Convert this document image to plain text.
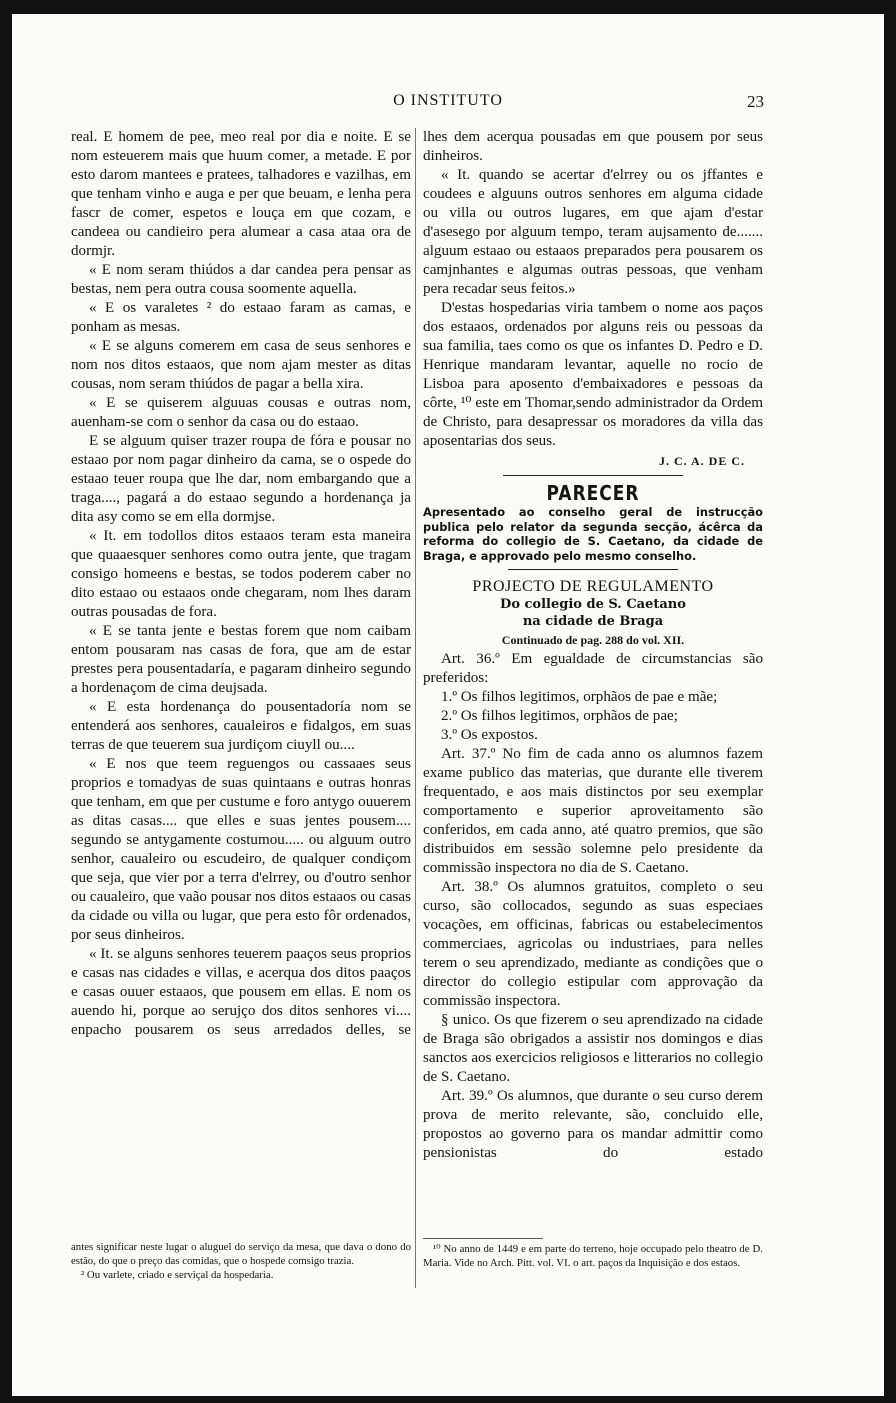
O INSTITUTO	23

real. E homem de pee, meo real por dia e noite. E se nom esteuerem mais que huum comer, a metade. E por esto darom mantees e pratees, talhadores e vazilhas, em que tenham vinho e auga e per que beuam, e lenha pera fascr de comer, espetos e louça em que cozam, e candeea ou candieiro pera alumear a casa ataa ora de dormjr.

« E nom seram thiúdos a dar candea pera pensar as bestas, nem pera outra cousa soomente aquella.

« E os varaletes ² do estaao faram as camas, e ponham as mesas.

« E se alguns comerem em casa de seus senhores e nom nos ditos estaaos, que nom ajam mester as ditas cousas, nom seram thiúdos de pagar a bella xira.

« E se quiserem alguuas cousas e outras nom, auenham-se com o senhor da casa ou do estaao.

E se alguum quiser trazer roupa de fóra e pousar no estaao por nom pagar dinheiro da cama, se o ospede do estaao teuer roupa que lhe dar, nom embargando que a traga...., pagará a do estaao segundo a hordenança ja dita asy como se em ella dormjse.

« It. em todollos ditos estaaos teram esta maneira que quaaesquer senhores como outra jente, que tragam consigo homeens e bestas, se todos poderem caber no dito estaao ou estaaos onde chegaram, nom lhes daram outras pousadas de fora.

« E se tanta jente e bestas forem que nom caibam entom pousaram nas casas de fora, que am de estar prestes pera pousentadaría, e pagaram dinheiro segundo a hordenaçom de cima deujsada.

« E esta hordenança do pousentadoría nom se entenderá aos senhores, caualeiros e fidalgos, em suas terras de que teuerem sua jurdiçom ciuyll ou....

« E nos que teem reguengos ou cassaaes seus proprios e tomadyas de suas quintaans e outras honras que tenham, em que per custume e foro antygo ouuerem as ditas casas.... que elles e suas jentes pousem.... segundo se antygamente costumou..... ou alguum outro senhor, caualeiro ou escudeiro, de qualquer condiçom que seja, que vier por a terra d'elrrey, ou d'outro senhor ou caualeiro, que vaão pousar nos ditos estaaos ou casas da cidade ou villa ou lugar, que pera esto fôr ordenados, por seus dinheiros.

« It. se alguns senhores teuerem paaços seus proprios e casas nas cidades e villas, e acerqua dos ditos paaços e casas ouuer estaaos, que pousem em ellas. E nom os auendo hi, porque ao serujço dos ditos senhores vi.... enpacho pousarem os seus arredados delles, se

lhes dem acerqua pousadas em que pousem por seus dinheiros.

« It. quando se acertar d'elrrey ou os jffantes e coudees e alguuns outros senhores em alguma cidade ou villa ou outros lugares, em que ajam d'estar d'asesego por alguum tempo, teram aujsamento de....... alguum estaao ou estaaos preparados pera pousarem os camjnhantes e algumas outras pessoas, que venham pera recadar seus feitos.»

D'estas hospedarias viria tambem o nome aos paços dos estaaos, ordenados por alguns reis ou pessoas da sua familia, taes como os que os infantes D. Pedro e D. Henrique mandaram levantar, aquelle no rocio de Lisboa para aposento d'embaixadores e pessoas da côrte, ¹⁰ este em Thomar,sendo administrador da Ordem de Christo, para desapressar os moradores da villa das aposentarias dos seus.

J. C. A. DE C.
PARECER
Apresentado ao conselho geral de instrucção publica pelo relator da segunda secção, ácêrca da reforma do collegio de S. Caetano, da cidade de Braga, e approvado pelo mesmo conselho.
PROJECTO DE REGULAMENTO
Do collegio de S. Caetano
na cidade de Braga
Continuado de pag. 288 do vol. XII.

Art. 36.º Em egualdade de circumstancias são preferidos:

1.º Os filhos legitimos, orphãos de pae e mãe;

2.º Os filhos legitimos, orphãos de pae;

3.º Os expostos.

Art. 37.º No fim de cada anno os alumnos fazem exame publico das materias, que durante elle tiverem frequentado, e aos mais distinctos por seu exemplar comportamento e superior aproveitamento são conferidos, em cada anno, até quatro premios, que são distribuidos em sessão solemne pelo presidente da commissão inspectora no dia de S. Caetano.

Art. 38.º Os alumnos gratuitos, completo o seu curso, são collocados, segundo as suas especiaes vocações, em officinas, fabricas ou estabelecimentos commerciaes, agricolas ou industriaes, para nelles terem o seu aprendizado, mediante as condições que o director do collegio estipular com approvação da commissão inspectora.

§ unico. Os que fizerem o seu aprendizado na cidade de Braga são obrigados a assistir nos domingos e dias sanctos aos exercicios religiosos e litterarios no collegio de S. Caetano.

Art. 39.º Os alumnos, que durante o seu curso derem prova de merito relevante, são, concluido elle, propostos ao governo para os mandar admittir como pensionistas do estado

antes significar neste lugar o aluguel do serviço da mesa, que dava o dono do estão, do que o preço das comidas, que o hospede comsigo trazia.
² Ou varlete, criado e serviçal da hospedaria.
¹⁰ No anno de 1449 e em parte do terreno, hoje occupado pelo theatro de D. Maria. Vide no Arch. Pitt. vol. VI. o art. paços da Inquisição e dos estaos.
